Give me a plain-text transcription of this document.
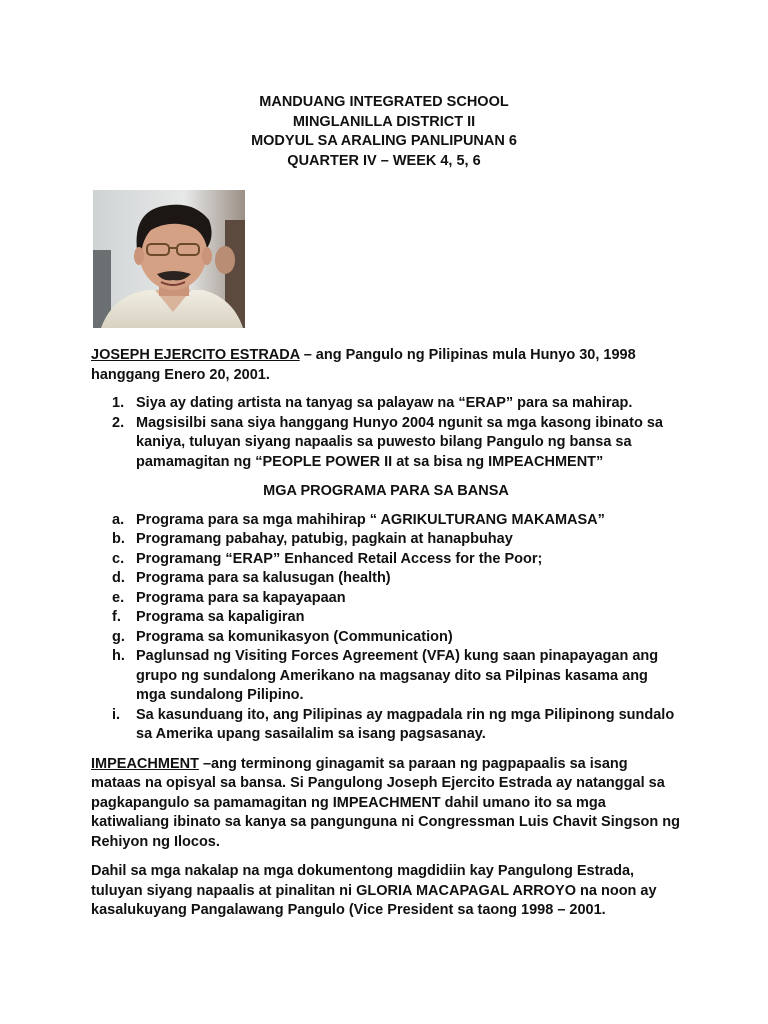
MANDUANG INTEGRATED SCHOOL
MINGLANILLA DISTRICT II
MODYUL SA ARALING PANLIPUNAN 6
QUARTER IV – WEEK 4, 5, 6

JOSEPH EJERCITO ESTRADA – ang Pangulo ng Pilipinas mula Hunyo 30, 1998 hanggang Enero 20, 2001.

1. Siya ay dating artista na tanyag sa palayaw na “ERAP” para sa mahirap.
2. Magsisilbi sana siya hanggang Hunyo 2004 ngunit sa mga kasong ibinato sa kaniya, tuluyan siyang napaalis sa puwesto bilang Pangulo ng bansa sa pamamagitan ng “PEOPLE POWER II at sa bisa ng IMPEACHMENT”

MGA PROGRAMA PARA SA BANSA

a. Programa para sa mga mahihirap “ AGRIKULTURANG MAKAMASA”
b. Programang pabahay, patubig, pagkain at hanapbuhay
c. Programang “ERAP” Enhanced Retail Access for the Poor;
d. Programa para sa kalusugan (health)
e. Programa para sa kapayapaan
f. Programa sa kapaligiran
g. Programa sa komunikasyon (Communication)
h. Paglunsad ng Visiting Forces Agreement (VFA) kung saan pinapayagan ang grupo ng sundalong Amerikano na magsanay dito sa Pilpinas kasama ang mga sundalong Pilipino.
i. Sa kasunduang ito, ang Pilipinas ay magpadala rin ng mga Pilipinong sundalo sa Amerika upang sasailalim sa isang pagsasanay.

IMPEACHMENT –ang terminong ginagamit sa paraan ng pagpapaalis sa isang mataas na opisyal sa bansa. Si Pangulong Joseph Ejercito Estrada ay natanggal sa pagkapangulo sa pamamagitan ng IMPEACHMENT dahil umano ito sa mga katiwaliang ibinato sa kanya sa pangunguna ni Congressman Luis Chavit Singson ng Rehiyon ng Ilocos.

Dahil sa mga nakalap na mga dokumentong magdidiin kay Pangulong Estrada, tuluyan siyang napaalis at pinalitan ni GLORIA MACAPAGAL ARROYO na noon ay kasalukuyang Pangalawang Pangulo (Vice President sa taong 1998 – 2001.
